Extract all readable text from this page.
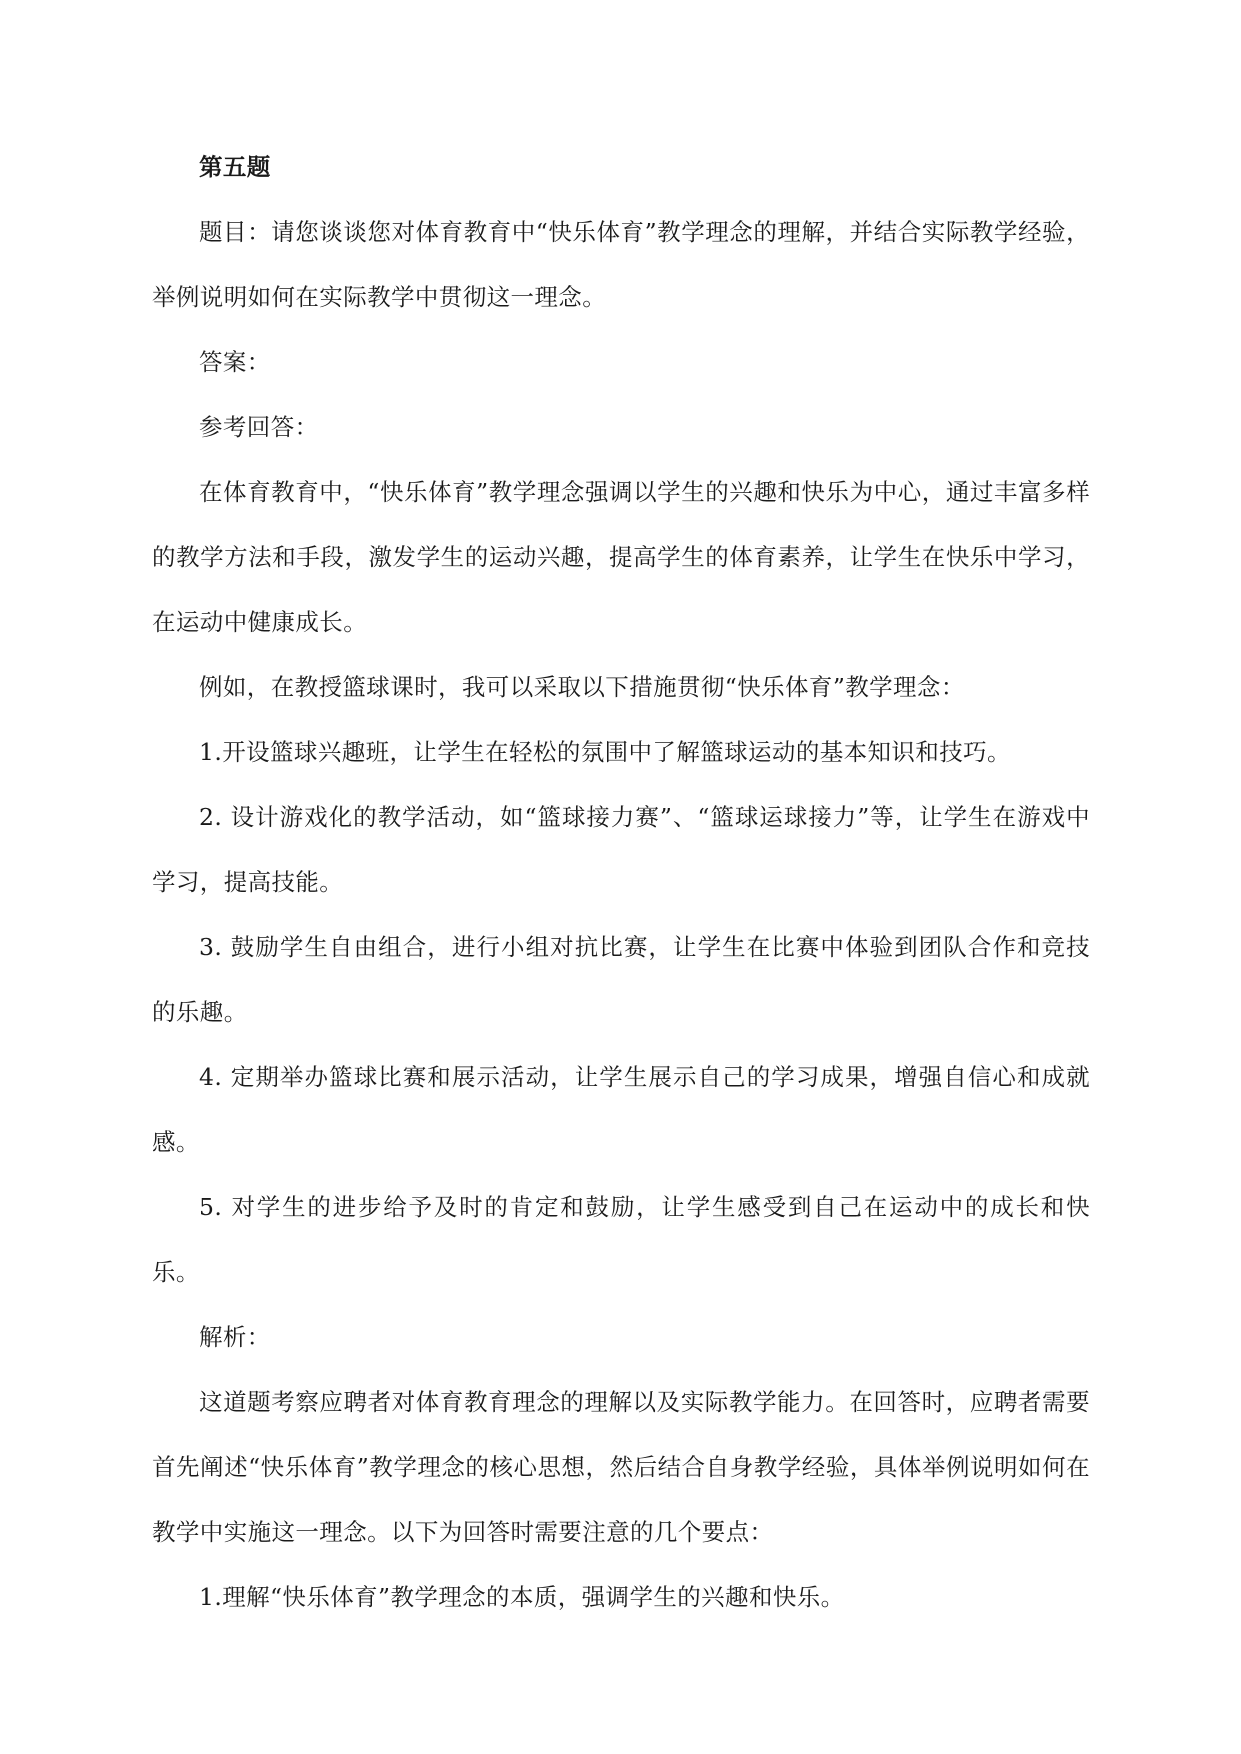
第五题

题目：请您谈谈您对体育教育中“快乐体育”教学理念的理解，并结合实际教学经验，举例说明如何在实际教学中贯彻这一理念。

答案：

参考回答：

在体育教育中，“快乐体育”教学理念强调以学生的兴趣和快乐为中心，通过丰富多样的教学方法和手段，激发学生的运动兴趣，提高学生的体育素养，让学生在快乐中学习，在运动中健康成长。

例如，在教授篮球课时，我可以采取以下措施贯彻“快乐体育”教学理念：

1.开设篮球兴趣班，让学生在轻松的氛围中了解篮球运动的基本知识和技巧。

2. 设计游戏化的教学活动，如“篮球接力赛”、“篮球运球接力”等，让学生在游戏中学习，提高技能。

3. 鼓励学生自由组合，进行小组对抗比赛，让学生在比赛中体验到团队合作和竞技的乐趣。

4. 定期举办篮球比赛和展示活动，让学生展示自己的学习成果，增强自信心和成就感。

5. 对学生的进步给予及时的肯定和鼓励，让学生感受到自己在运动中的成长和快乐。

解析：

这道题考察应聘者对体育教育理念的理解以及实际教学能力。在回答时，应聘者需要首先阐述“快乐体育”教学理念的核心思想，然后结合自身教学经验，具体举例说明如何在教学中实施这一理念。以下为回答时需要注意的几个要点：

1.理解“快乐体育”教学理念的本质，强调学生的兴趣和快乐。
